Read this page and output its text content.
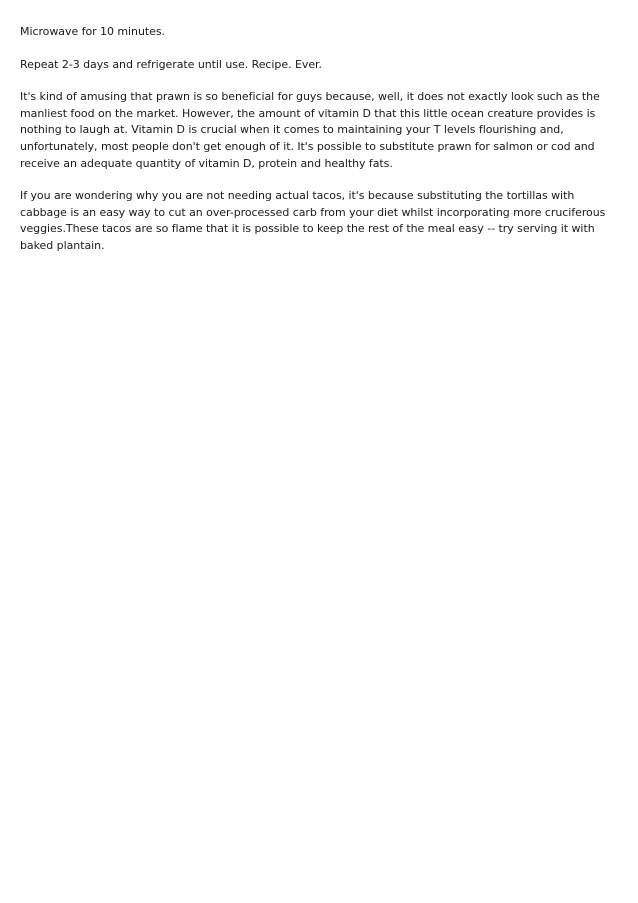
Microwave for 10 minutes.

Repeat 2-3 days and refrigerate until use. Recipe. Ever.

It's kind of amusing that prawn is so beneficial for guys because, well, it does not exactly look such as the manliest food on the market. However, the amount of vitamin D that this little ocean creature provides is nothing to laugh at. Vitamin D is crucial when it comes to maintaining your T levels flourishing and, unfortunately, most people don't get enough of it. It's possible to substitute prawn for salmon or cod and receive an adequate quantity of vitamin D, protein and healthy fats.

If you are wondering why you are not needing actual tacos, it's because substituting the tortillas with cabbage is an easy way to cut an over-processed carb from your diet whilst incorporating more cruciferous veggies.These tacos are so flame that it is possible to keep the rest of the meal easy -- try serving it with baked plantain.
